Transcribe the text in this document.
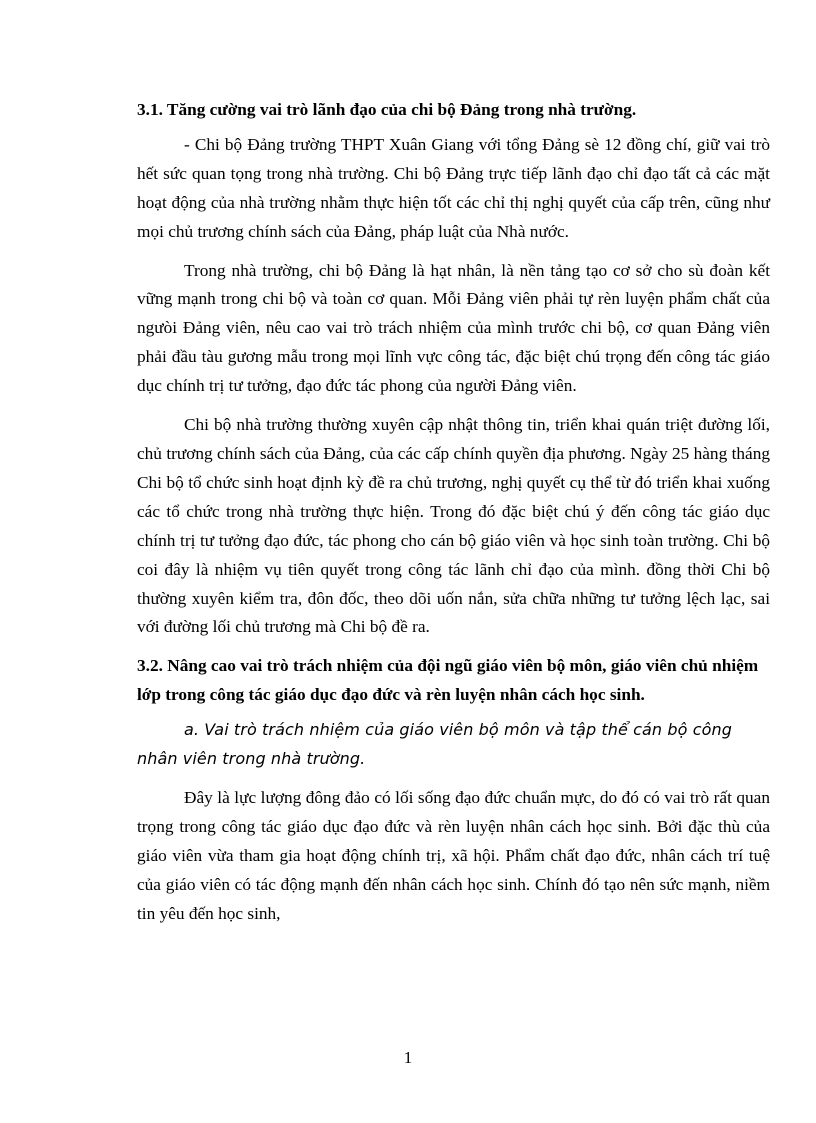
3.1. Tăng cường vai trò lãnh đạo của chi bộ Đảng trong nhà trường.

- Chi bộ Đảng trường THPT Xuân Giang với tổng Đảng sè 12 đồng chí, giữ vai trò hết sức quan tọng trong nhà trường. Chi bộ Đảng trực tiếp lãnh đạo chỉ đạo tất cả các mặt hoạt động của nhà trường nhằm thực hiện tốt các chỉ thị nghị quyết của cấp trên, cũng như mọi chủ trương chính sách của Đảng, pháp luật của Nhà nước.

Trong nhà trường, chi bộ Đảng là hạt nhân, là nền tảng tạo cơ sở cho sù đoàn kết vững mạnh trong chi bộ và toàn cơ quan. Mỗi Đảng viên phải tự rèn luyện phẩm chất của ngưòi Đảng viên, nêu cao vai trò trách nhiệm của mình trước chi bộ, cơ quan Đảng viên phải đầu tàu gương mẫu trong mọi lĩnh vực công tác, đặc biệt chú trọng đến công tác giáo dục chính trị tư tưởng, đạo đức tác phong của người Đảng viên.

Chi bộ nhà trường thường xuyên cập nhật thông tin, triển khai quán triệt đường lối, chủ trương chính sách của Đảng, của các cấp chính quyền địa phương. Ngày 25 hàng tháng Chi bộ tổ chức sinh hoạt định kỳ đề ra chủ trương, nghị quyết cụ thể từ đó triển khai xuống các tổ chức trong nhà trường thực hiện. Trong đó đặc biệt chú ý đến công tác giáo dục chính trị tư tưởng đạo đức, tác phong cho cán bộ giáo viên và học sinh toàn trường. Chi bộ coi đây là nhiệm vụ tiên quyết trong công tác lãnh chỉ đạo của mình. đồng thời Chi bộ thường xuyên kiểm tra, đôn đốc, theo dõi uốn nắn, sửa chữa những tư tưởng lệch lạc, sai với đường lối chủ trương mà Chi bộ đề ra.

3.2. Nâng cao vai trò trách nhiệm của đội ngũ giáo viên bộ môn, giáo viên chủ nhiệm lớp trong công tác giáo dục đạo đức và rèn luyện nhân cách học sinh.

a. Vai trò trách nhiệm của giáo viên bộ môn và tập thể cán bộ công nhân viên trong nhà trường.

Đây là lực lượng đông đảo có lối sống đạo đức chuẩn mực, do đó có vai trò rất quan trọng trong công tác giáo dục đạo đức và rèn luyện nhân cách học sinh. Bởi đặc thù của giáo viên vừa tham gia hoạt động chính trị, xã hội. Phẩm chất đạo đức, nhân cách trí tuệ của giáo viên có tác động mạnh đến nhân cách học sinh. Chính đó tạo nên sức mạnh, niềm tin yêu đến học sinh,

1
